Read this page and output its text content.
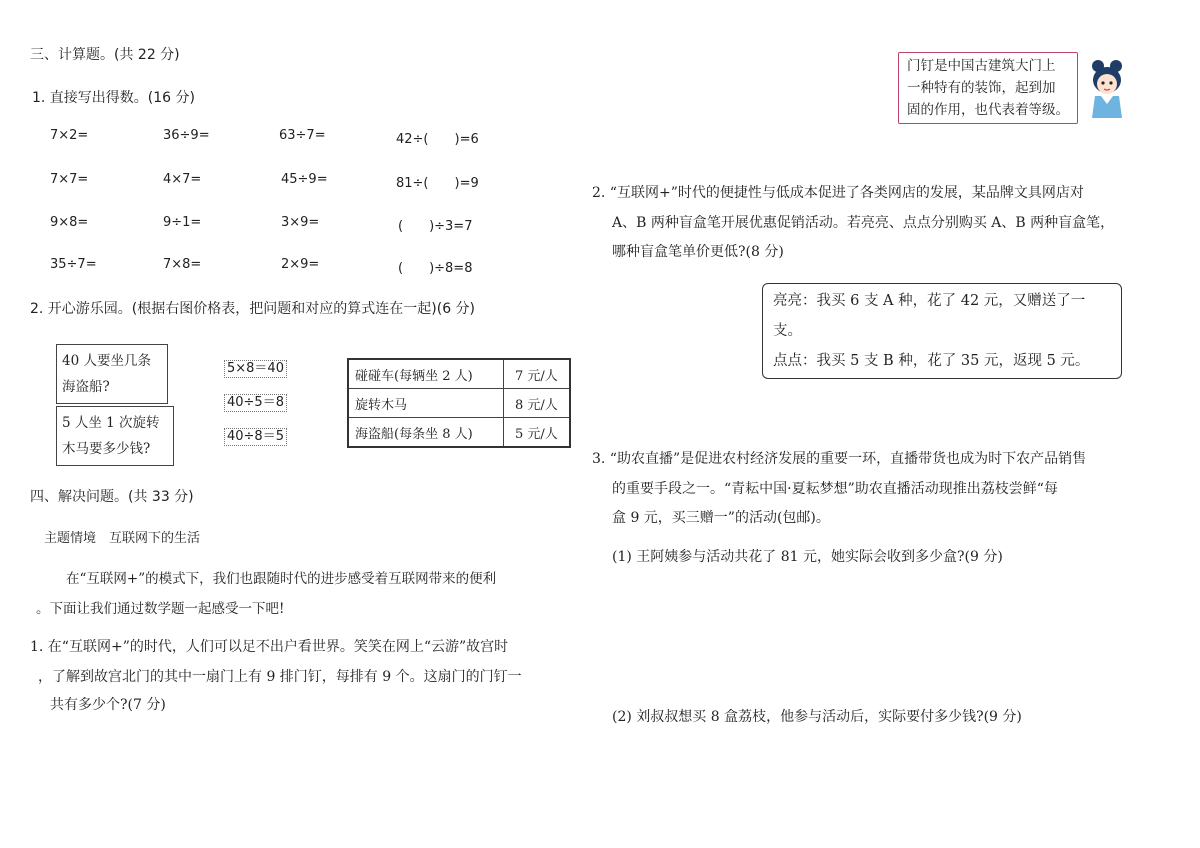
三、计算题。(共 22 分)
1. 直接写出得数。(16 分)
7×2=	36÷9=	63÷7=	42÷(　　)=6
7×7=	4×7=	45÷9=	81÷(　　)=9
9×8=	9÷1=	3×9=	(　　)÷3=7
35÷7=	7×8=	2×9=	(　　)÷8=8
2. 开心游乐园。(根据右图价格表，把问题和对应的算式连在一起)(6 分)
40 人要坐几条海盗船?
5 人坐 1 次旋转木马要多少钱?
5×8＝40
40÷5＝8
40÷8＝5
碰碰车(每辆坐 2 人)	7 元/人
旋转木马	8 元/人
海盗船(每条坐 8 人)	5 元/人
四、解决问题。(共 33 分)
主题情境　互联网下的生活
在“互联网+”的模式下，我们也跟随时代的进步感受着互联网带来的便利
。下面让我们通过数学题一起感受一下吧!
1. 在“互联网+”的时代，人们可以足不出户看世界。笑笑在网上“云游”故宫时
，了解到故宫北门的其中一扇门上有 9 排门钉，每排有 9 个。这扇门的门钉一
共有多少个?(7 分)
门钉是中国古建筑大门上
一种特有的装饰，起到加
固的作用，也代表着等级。
2. “互联网+”时代的便捷性与低成本促进了各类网店的发展，某品牌文具网店对
A、B 两种盲盒笔开展优惠促销活动。若亮亮、点点分别购买 A、B 两种盲盒笔，
哪种盲盒笔单价更低?(8 分)
亮亮：我买 6 支 A 种，花了 42 元，又赠送了一支。
点点：我买 5 支 B 种，花了 35 元，返现 5 元。
3. “助农直播”是促进农村经济发展的重要一环，直播带货也成为时下农产品销售
的重要手段之一。“青耘中国·夏耘梦想”助农直播活动现推出荔枝尝鲜“每
盒 9 元，买三赠一”的活动(包邮)。
(1) 王阿姨参与活动共花了 81 元，她实际会收到多少盒?(9 分)
(2) 刘叔叔想买 8 盒荔枝，他参与活动后，实际要付多少钱?(9 分)
